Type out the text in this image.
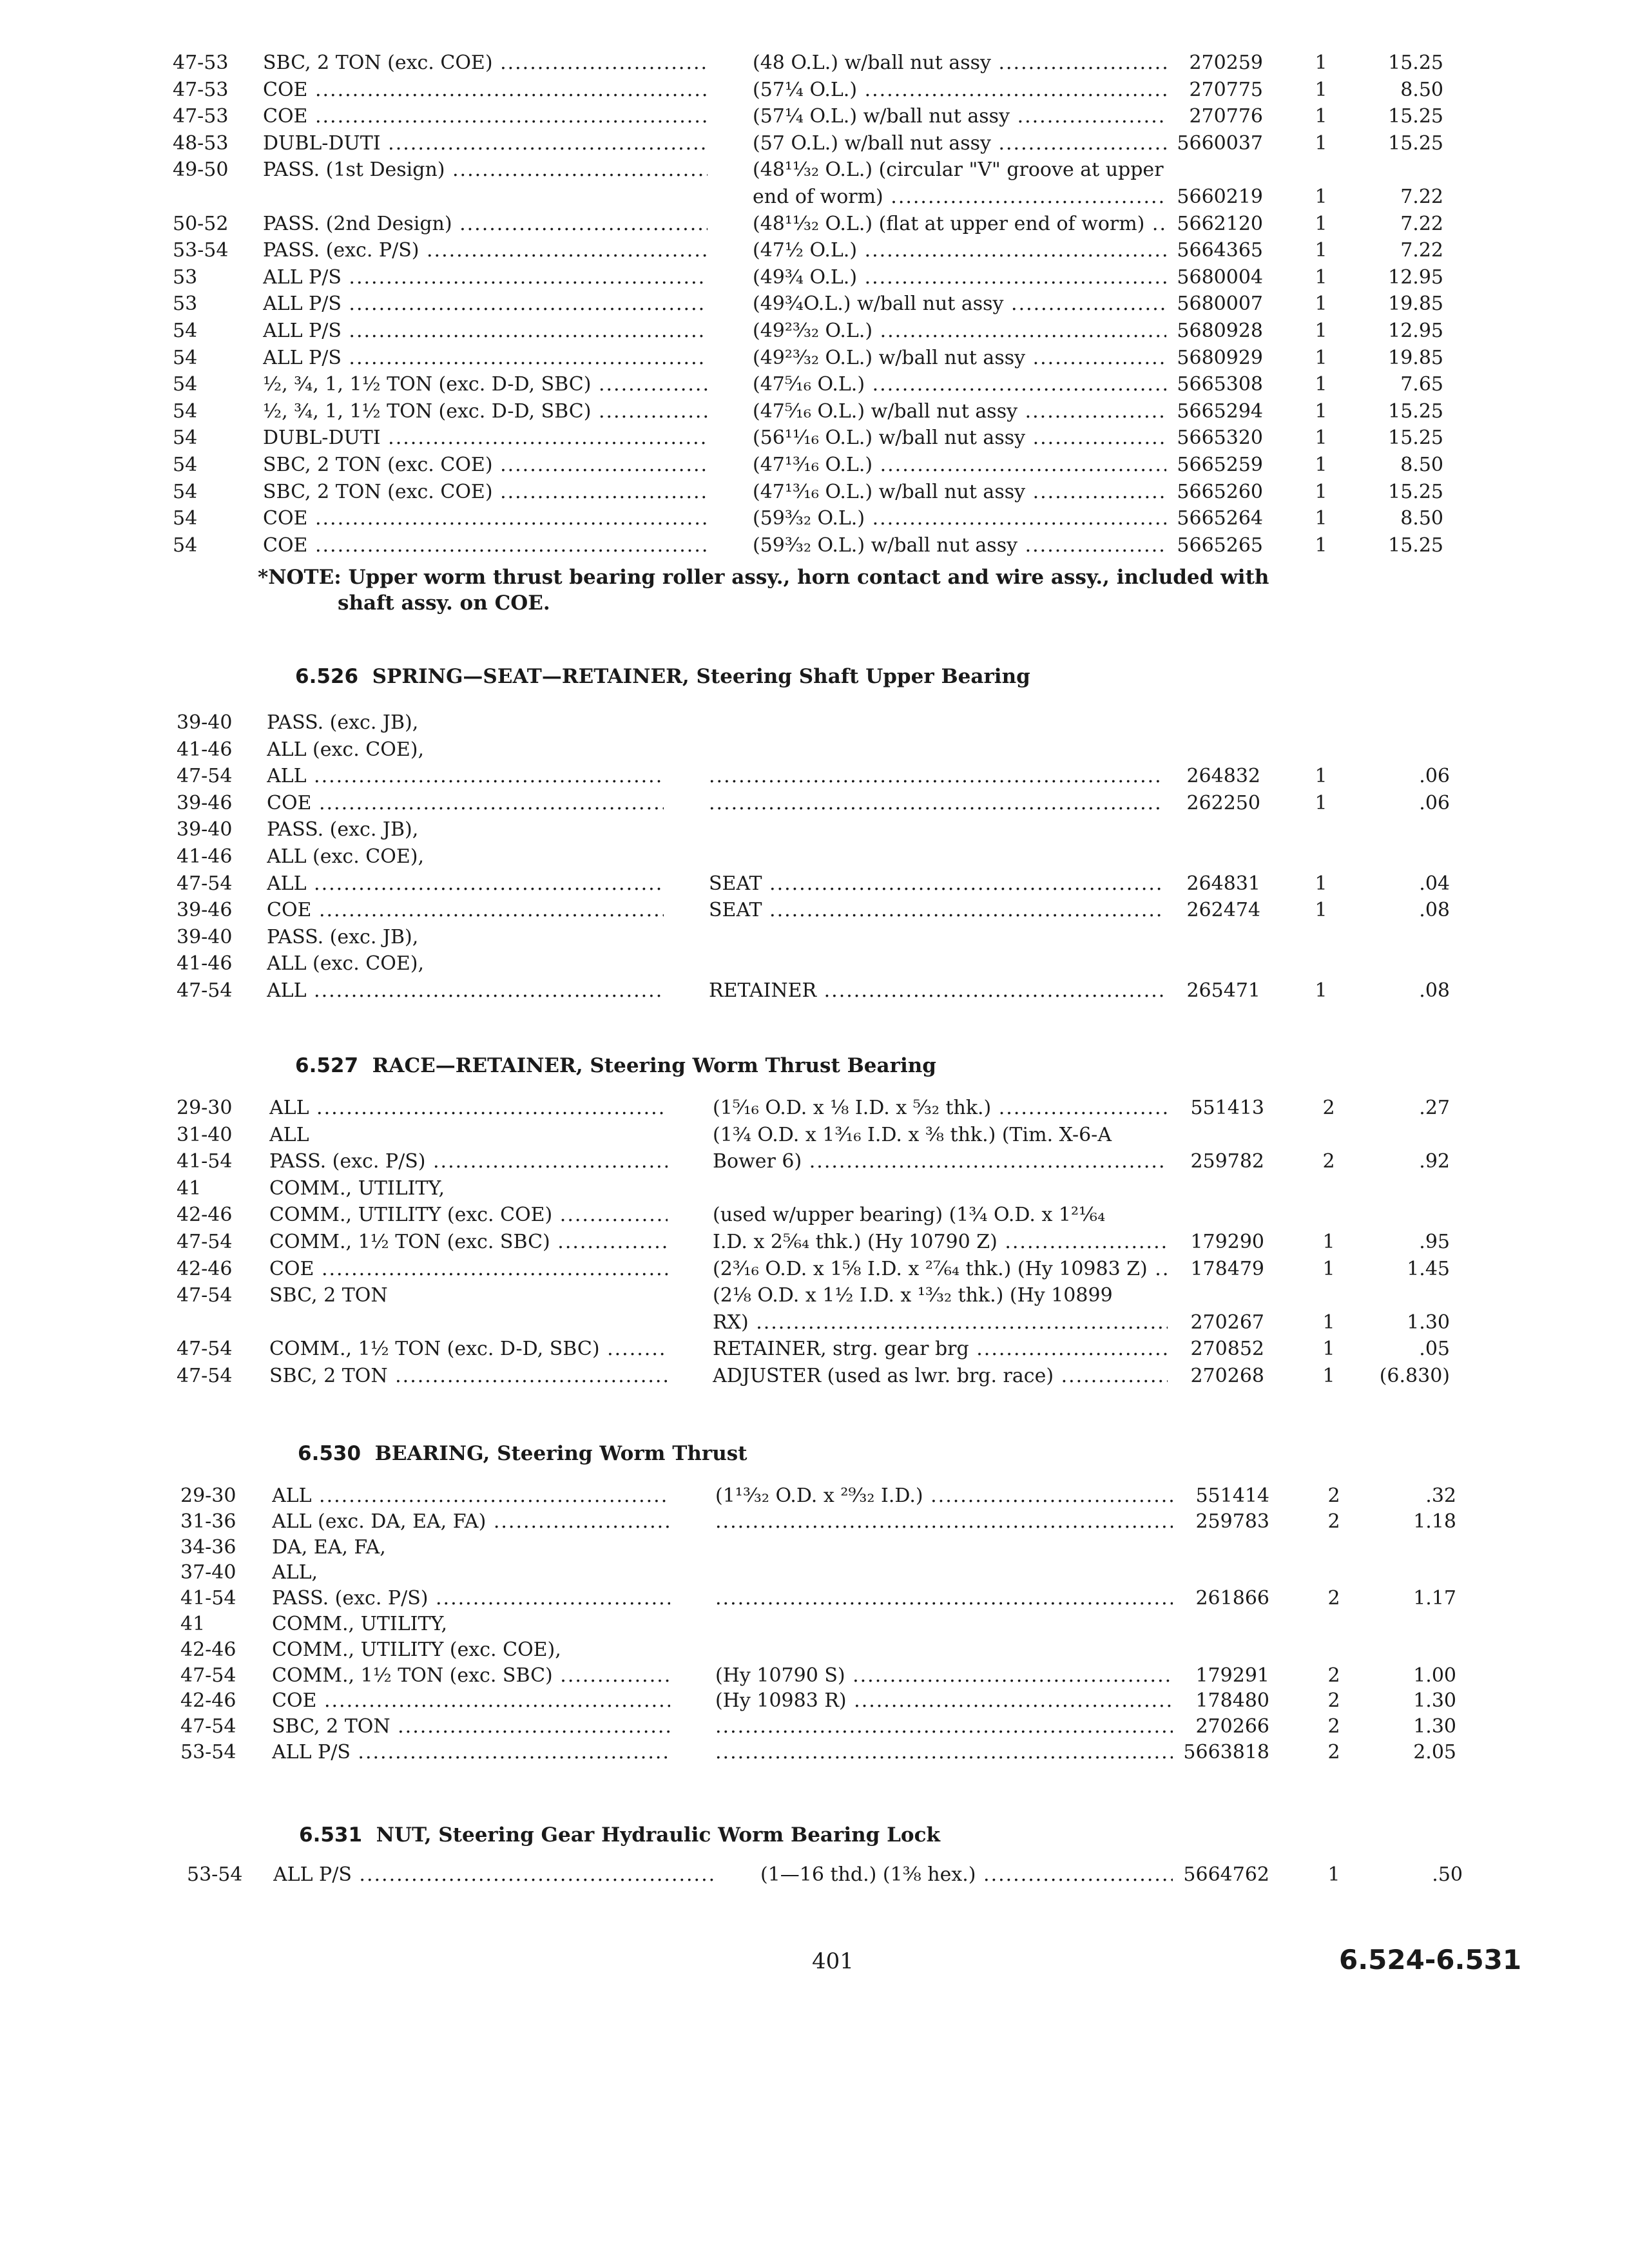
47-53	SBC, 2 TON (exc. COE) .....	(48 O.L.) w/ball nut assy .....	270259	1	15.25
47-53	COE .....	(57¼ O.L.) .....	270775	1	8.50
47-53	COE .....	(57¼ O.L.) w/ball nut assy .....	270776	1	15.25
48-53	DUBL-DUTI .....	(57 O.L.) w/ball nut assy .....	5660037	1	15.25
49-50	PASS. (1st Design) .....	(48¹¹⁄₃₂ O.L.) (circular "V" groove at upper
end of worm) .....	5660219	1	7.22
50-52	PASS. (2nd Design) .....	(48¹¹⁄₃₂ O.L.) (flat at upper end of worm) .....	5662120	1	7.22
53-54	PASS. (exc. P/S) .....	(47½ O.L.) .....	5664365	1	7.22
53	ALL P/S .....	(49¾ O.L.) .....	5680004	1	12.95
53	ALL P/S .....	(49¾O.L.) w/ball nut assy .....	5680007	1	19.85
54	ALL P/S .....	(49²³⁄₃₂ O.L.) .....	5680928	1	12.95
54	ALL P/S .....	(49²³⁄₃₂ O.L.) w/ball nut assy .....	5680929	1	19.85
54	½, ¾, 1, 1½ TON (exc. D-D, SBC) .....	(47⁵⁄₁₆ O.L.) .....	5665308	1	7.65
54	½, ¾, 1, 1½ TON (exc. D-D, SBC) .....	(47⁵⁄₁₆ O.L.) w/ball nut assy .....	5665294	1	15.25
54	DUBL-DUTI .....	(56¹¹⁄₁₆ O.L.) w/ball nut assy .....	5665320	1	15.25
54	SBC, 2 TON (exc. COE) .....	(47¹³⁄₁₆ O.L.) .....	5665259	1	8.50
54	SBC, 2 TON (exc. COE) .....	(47¹³⁄₁₆ O.L.) w/ball nut assy .....	5665260	1	15.25
54	COE .....	(59³⁄₃₂ O.L.) .....	5665264	1	8.50
54	COE .....	(59³⁄₃₂ O.L.) w/ball nut assy .....	5665265	1	15.25
39-40	PASS. (exc. JB),
41-46	ALL (exc. COE),
47-54	ALL ..... .....	264832	1	.06
39-46	COE ..... .....	262250	1	.06
39-40	PASS. (exc. JB),
41-46	ALL (exc. COE),
47-54	ALL .....	SEAT .....	264831	1	.04
39-46	COE .....	SEAT .....	262474	1	.08
39-40	PASS. (exc. JB),
41-46	ALL (exc. COE),
47-54	ALL .....	RETAINER .....	265471	1	.08
29-30	ALL .....	(1⁵⁄₁₆ O.D. x ⅛ I.D. x ⁵⁄₃₂ thk.) .....	551413	2	.27
31-40	ALL	(1¾ O.D. x 1³⁄₁₆ I.D. x ⅜ thk.) (Tim. X-6-A
41-54	PASS. (exc. P/S) .....	Bower 6) .....	259782	2	.92
41	COMM., UTILITY,
42-46	COMM., UTILITY (exc. COE) .....	(used w/upper bearing) (1¾ O.D. x 1²¹⁄₆₄
47-54	COMM., 1½ TON (exc. SBC) .....	I.D. x 2⁵⁄₆₄ thk.) (Hy 10790 Z) .....	179290	1	.95
42-46	COE .....	(2³⁄₁₆ O.D. x 1⅝ I.D. x ²⁷⁄₆₄ thk.) (Hy 10983 Z) .....	178479	1	1.45
47-54	SBC, 2 TON	(2⅛ O.D. x 1½ I.D. x ¹³⁄₃₂ thk.) (Hy 10899
RX) .....	270267	1	1.30
47-54	COMM., 1½ TON (exc. D-D, SBC) .....	RETAINER, strg. gear brg .....	270852	1	.05
47-54	SBC, 2 TON .....	ADJUSTER (used as lwr. brg. race) .....	270268	1	(6.830)
29-30	ALL .....	(1¹³⁄₃₂ O.D. x ²⁹⁄₃₂ I.D.) .....	551414	2	.32
31-36	ALL (exc. DA, EA, FA) ..... .....	259783	2	1.18
34-36	DA, EA, FA,
37-40	ALL,
41-54	PASS. (exc. P/S) ..... .....	261866	2	1.17
41	COMM., UTILITY,
42-46	COMM., UTILITY (exc. COE),
47-54	COMM., 1½ TON (exc. SBC) .....	(Hy 10790 S) .....	179291	2	1.00
42-46	COE .....	(Hy 10983 R) .....	178480	2	1.30
47-54	SBC, 2 TON ..... .....	270266	2	1.30
53-54	ALL P/S ..... .....	5663818	2	2.05
53-54	ALL P/S .....	(1—16 thd.) (1⅜ hex.) .....	5664762	1	.50
*NOTE: Upper worm thrust bearing roller assy., horn contact and wire assy., included with
shaft assy. on COE.
6.526 SPRING—SEAT—RETAINER, Steering Shaft Upper Bearing
6.527 RACE—RETAINER, Steering Worm Thrust Bearing
6.530 BEARING, Steering Worm Thrust
6.531 NUT, Steering Gear Hydraulic Worm Bearing Lock
401	6.524-6.531
